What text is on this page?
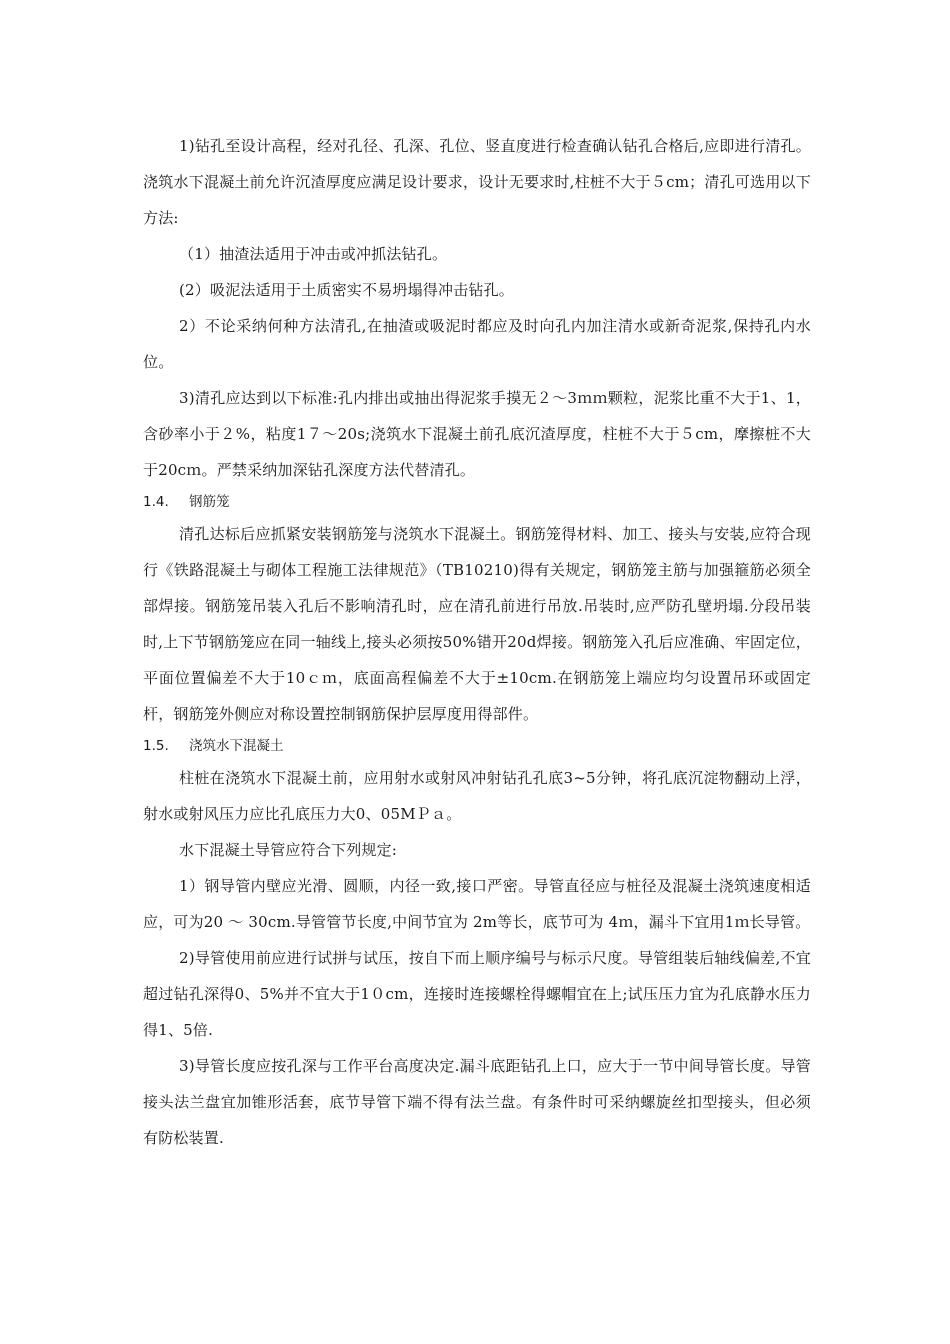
1)钻孔至设计高程，经对孔径、孔深、孔位、竖直度进行检查确认钻孔合格后,应即进行清孔。浇筑水下混凝土前允许沉渣厚度应满足设计要求，设计无要求时,柱桩不大于５cm；清孔可选用以下方法:

（1）抽渣法适用于冲击或冲抓法钻孔。

(2）吸泥法适用于土质密实不易坍塌得冲击钻孔。

2）不论采纳何种方法清孔,在抽渣或吸泥时都应及时向孔内加注清水或新奇泥浆,保持孔内水位。

3)清孔应达到以下标准:孔内排出或抽出得泥浆手摸无２～3ｍｍ颗粒，泥浆比重不大于1、1，含砂率小于２%，粘度1７～20s;浇筑水下混凝土前孔底沉渣厚度，柱桩不大于５cm，摩擦桩不大于20cｍ。严禁采纳加深钻孔深度方法代替清孔。

1.4. 钢筋笼

清孔达标后应抓紧安装钢筋笼与浇筑水下混凝土。钢筋笼得材料、加工、接头与安装,应符合现行《铁路混凝土与砌体工程施工法律规范》（TB10210)得有关规定，钢筋笼主筋与加强箍筋必须全部焊接。钢筋笼吊装入孔后不影响清孔时，应在清孔前进行吊放.吊装时,应严防孔壁坍塌.分段吊装时,上下节钢筋笼应在同一轴线上,接头必须按50%错开20d焊接。钢筋笼入孔后应准确、牢固定位，平面位置偏差不大于10ｃｍ，底面高程偏差不大于±10cm.在钢筋笼上端应均匀设置吊环或固定杆，钢筋笼外侧应对称设置控制钢筋保护层厚度用得部件。

1.5. 浇筑水下混凝土

柱桩在浇筑水下混凝土前，应用射水或射风冲射钻孔孔底3~5分钟，将孔底沉淀物翻动上浮，射水或射风压力应比孔底压力大0、05MＰａ。

水下混凝土导管应符合下列规定:

1）钢导管内壁应光滑、圆顺，内径一致,接口严密。导管直径应与桩径及混凝土浇筑速度相适应，可为20 ～ 30cm.导管管节长度,中间节宜为 2m等长，底节可为 4ｍ，漏斗下宜用1ｍ长导管。

2)导管使用前应进行试拼与试压，按自下而上顺序编号与标示尺度。导管组装后轴线偏差,不宜超过钻孔深得0、5%并不宜大于1０cm，连接时连接螺栓得螺帽宜在上;试压压力宜为孔底静水压力得1、5倍.

3)导管长度应按孔深与工作平台高度决定.漏斗底距钻孔上口，应大于一节中间导管长度。导管接头法兰盘宜加锥形活套，底节导管下端不得有法兰盘。有条件时可采纳螺旋丝扣型接头，但必须有防松装置.
